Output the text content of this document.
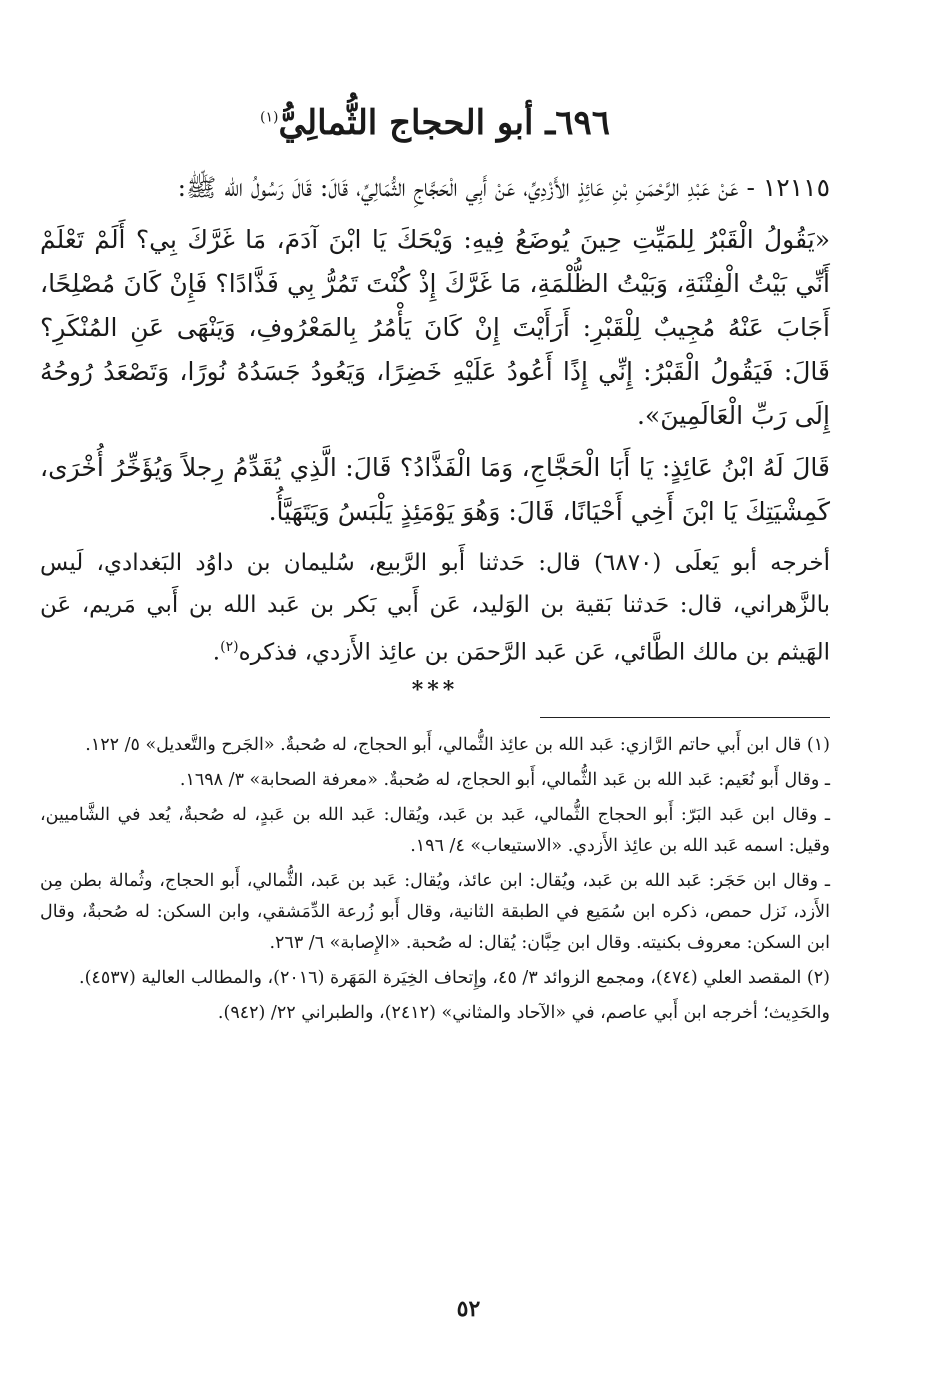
٦٩٦ـ أبو الحجاج الثُّمالِيُّ$^{(١)}$

١٢١١٥ - عَنْ عَبْدِ الرَّحْمَنِ بْنِ عَائِذٍ الأَزْدِيِّ، عَنْ أَبِي الْحَجَّاجِ الثُّمَالِيِّ، قَالَ: قَالَ رَسُولُ الله ﷺ:

«يَقُولُ الْقَبْرُ لِلمَيِّتِ حِينَ يُوضَعُ فِيهِ: وَيْحَكَ يَا ابْنَ آدَمَ، مَا غَرَّكَ بِي؟ أَلَمْ تَعْلَمْ أَنِّي بَيْتُ الْفِتْنَةِ، وَبَيْتُ الظُّلْمَةِ، مَا غَرَّكَ إِذْ كُنْتَ تَمُرُّ بِي فَذَّادًا؟ فَإِنْ كَانَ مُصْلِحًا، أَجَابَ عَنْهُ مُجِيبٌ لِلْقَبْرِ: أَرَأَيْتَ إِنْ كَانَ يَأْمُرُ بِالمَعْرُوفِ، وَيَنْهَى عَنِ المُنْكَرِ؟ قَالَ: فَيَقُولُ الْقَبْرُ: إِنِّي إِذًا أَعُودُ عَلَيْهِ خَضِرًا، وَيَعُودُ جَسَدُهُ نُورًا، وَتَصْعَدُ رُوحُهُ إِلَى رَبِّ الْعَالَمِينَ».

قَالَ لَهُ ابْنُ عَائِذٍ: يَا أَبَا الْحَجَّاجِ، وَمَا الْفَذَّادُ؟ قَالَ: الَّذِي يُقَدِّمُ رِجلاً وَيُؤَخِّرُ أُخْرَى، كَمِشْيَتِكَ يَا ابْنَ أَخِي أَحْيَانًا، قَالَ: وَهُوَ يَوْمَئِذٍ يَلْبَسُ وَيَتَهَيَّأُ.

أخرجه أبو يَعلَى (٦٨٧٠) قال: حَدثنا أَبو الرَّبيع، سُليمان بن داوُد البَغدادي، لَيس بالزَّهراني، قال: حَدثنا بَقية بن الوَليد، عَن أَبي بَكر بن عَبد الله بن أَبي مَريم، عَن الهَيثم بن مالك الطَّائي، عَن عَبد الرَّحمَن بن عائِذ الأَزدي، فذكره$^{(٢)}$.

***

(١) قال ابن أَبي حاتم الرَّازي: عَبد الله بن عائِذ الثُّمالي، أَبو الحجاج، له صُحبةٌ. «الجَرح والتَّعديل» ٥/ ١٢٢.

ـ وقال أَبو نُعَيم: عَبد الله بن عَبد الثُّمالي، أَبو الحجاج، له صُحبةٌ. «معرفة الصحابة» ٣/ ١٦٩٨.

ـ وقال ابن عَبد البَرّ: أَبو الحجاج الثُّمالي، عَبد بن عَبد، ويُقال: عَبد الله بن عَبدٍ، له صُحبةٌ، يُعد في الشَّاميين، وقيل: اسمه عَبد الله بن عائِذ الأَزدي. «الاستيعاب» ٤/ ١٩٦.

ـ وقال ابن حَجَر: عَبد الله بن عَبد، ويُقال: ابن عائذ، ويُقال: عَبد بن عَبد، الثُّمالي، أَبو الحجاج، وثُمالة بطن مِن الأَزد، نَزل حمص، ذكره ابن سُمَيع في الطبقة الثانية، وقال أَبو زُرعة الدِّمَشقي، وابن السكن: له صُحبةٌ، وقال ابن السكن: معروف بكنيته. وقال ابن حِبَّان: يُقال: له صُحبة. «الإِصابة» ٦/ ٢٦٣.

(٢) المقصد العلي (٤٧٤)، ومجمع الزوائد ٣/ ٤٥، وإِتحاف الخِيَرة المَهَرة (٢٠١٦)، والمطالب العالية (٤٥٣٧).

والحَدِيث؛ أخرجه ابن أَبي عاصم، في «الآحاد والمثاني» (٢٤١٢)، والطبراني ٢٢/ (٩٤٢).

٥٢
